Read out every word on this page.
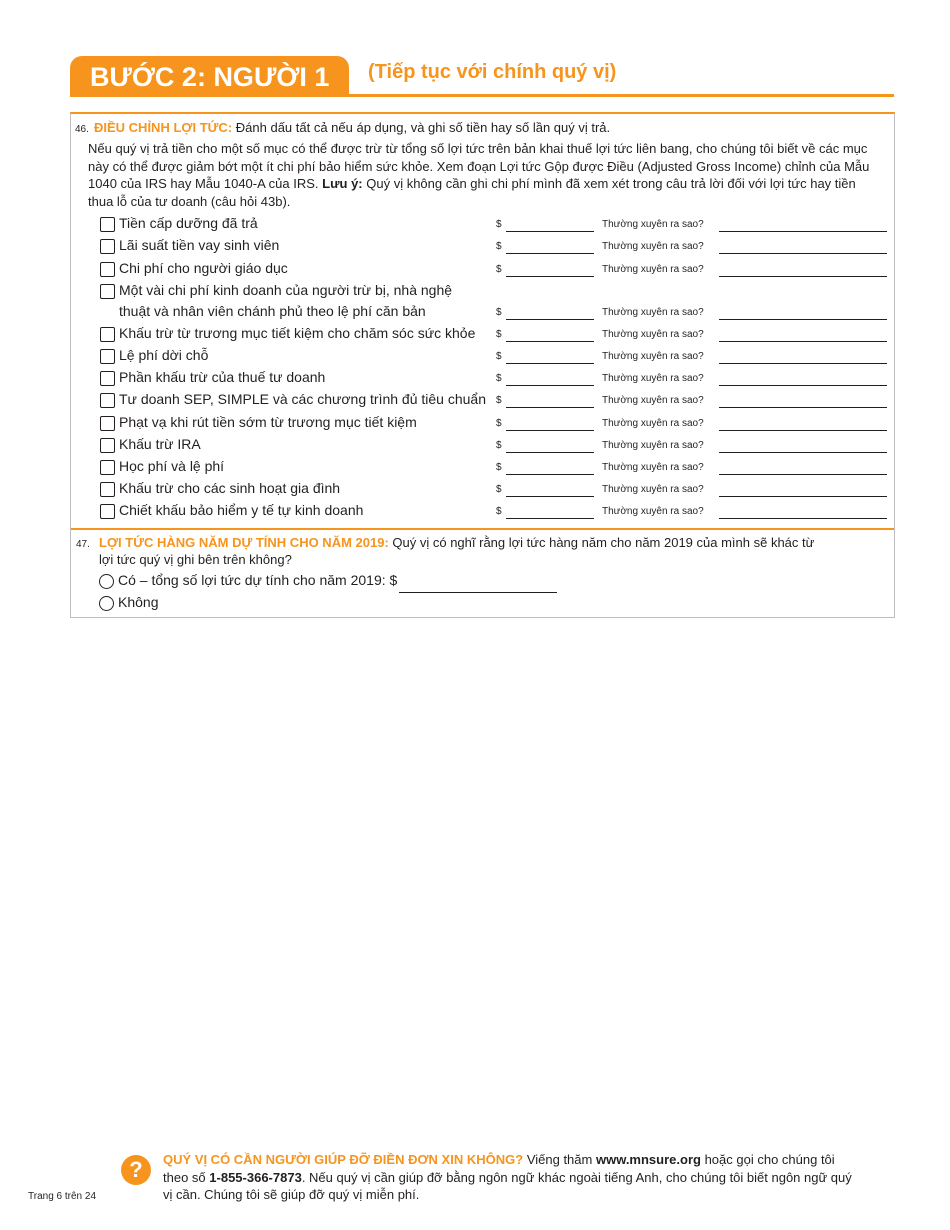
BƯỚC 2: NGƯỜI 1	(Tiếp tục với chính quý vị)
46. ĐIỀU CHỈNH LỢI TỨC: Đánh dấu tất cả nếu áp dụng, và ghi số tiền hay số lần quý vị trả.
Nếu quý vị trả tiền cho một số mục có thể được trừ từ tổng số lợi tức trên bản khai thuế lợi tức liên bang, cho chúng tôi biết về các mục này có thể được giảm bớt một ít chi phí bảo hiểm sức khỏe. Xem đoạn Lợi tức Gộp được Điều (Adjusted Gross Income) chỉnh của Mẫu 1040 của IRS hay Mẫu 1040-A của IRS. Lưu ý: Quý vị không cần ghi chi phí mình đã xem xét trong câu trả lời đối với lợi tức hay tiền thua lỗ của tư doanh (câu hỏi 43b).
Tiền cấp dưỡng đã trả	$	Thường xuyên ra sao?
Lãi suất tiền vay sinh viên	$	Thường xuyên ra sao?
Chi phí cho người giáo dục	$	Thường xuyên ra sao?
Một vài chi phí kinh doanh của người trừ bị, nhà nghệ
thuật và nhân viên chánh phủ theo lệ phí căn bản	$	Thường xuyên ra sao?
Khấu trừ từ trương mục tiết kiệm cho chăm sóc sức khỏe $	Thường xuyên ra sao?
Lệ phí dời chỗ	$	Thường xuyên ra sao?
Phần khấu trừ của thuế tư doanh	$	Thường xuyên ra sao?
Tư doanh SEP, SIMPLE và các chương trình đủ tiêu chuẩn $	Thường xuyên ra sao?
Phạt vạ khi rút tiền sớm từ trương mục tiết kiệm	$	Thường xuyên ra sao?
Khấu trừ IRA	$	Thường xuyên ra sao?
Học phí và lệ phí	$	Thường xuyên ra sao?
Khấu trừ cho các sinh hoạt gia đình	$	Thường xuyên ra sao?
Chiết khấu bảo hiểm y tế tự kinh doanh	$	Thường xuyên ra sao?
47. LỢI TỨC HÀNG NĂM DỰ TÍNH CHO NĂM 2019: Quý vị có nghĩ rằng lợi tức hàng năm cho năm 2019 của mình sẽ khác từ
lợi tức quý vị ghi bên trên không?
Có – tổng số lợi tức dự tính cho năm 2019: $
Không
?	QUÝ VỊ CÓ CẦN NGƯỜI GIÚP ĐỠ ĐIỀN ĐƠN XIN KHÔNG? Viếng thăm www.mnsure.org hoặc gọi cho chúng tôi theo số 1-855-366-7873. Nếu quý vị cần giúp đỡ bằng ngôn ngữ khác ngoài tiếng Anh, cho chúng tôi biết ngôn ngữ quý vị cần. Chúng tôi sẽ giúp đỡ quý vị miễn phí.
Trang 6 trên 24
